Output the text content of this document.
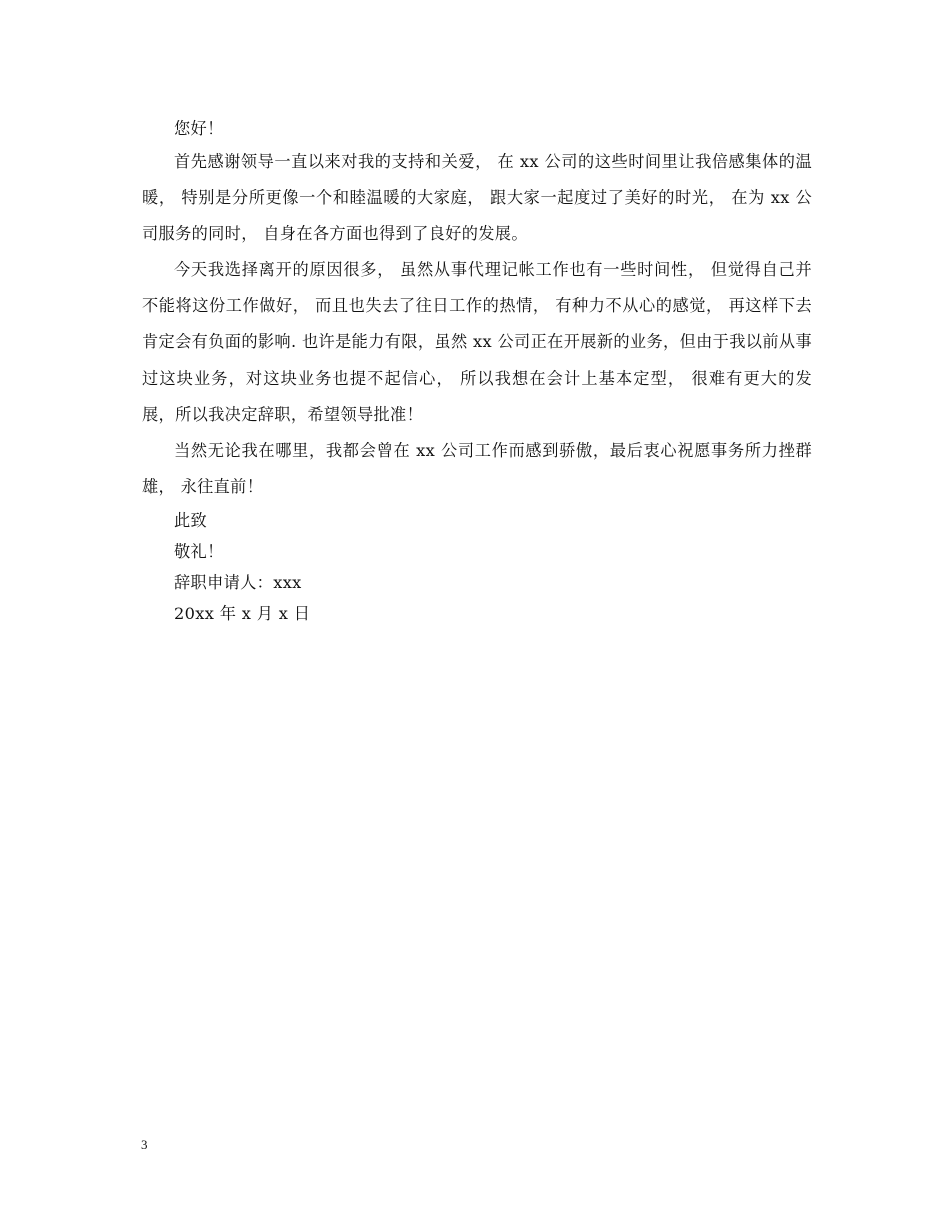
您好！

首先感谢领导一直以来对我的支持和关爱， 在 xx 公司的这些时间里让我倍感集体的温暖， 特别是分所更像一个和睦温暖的大家庭， 跟大家一起度过了美好的时光， 在为 xx 公司服务的同时， 自身在各方面也得到了良好的发展。

今天我选择离开的原因很多， 虽然从事代理记帐工作也有一些时间性， 但觉得自己并不能将这份工作做好， 而且也失去了往日工作的热情， 有种力不从心的感觉， 再这样下去肯定会有负面的影响. 也许是能力有限，虽然 xx 公司正在开展新的业务，但由于我以前从事过这块业务，对这块业务也提不起信心， 所以我想在会计上基本定型， 很难有更大的发展，所以我决定辞职，希望领导批准！

当然无论我在哪里，我都会曾在 xx 公司工作而感到骄傲，最后衷心祝愿事务所力挫群雄， 永往直前！

此致

敬礼！

辞职申请人：xxx

20xx 年 x 月 x 日

3
